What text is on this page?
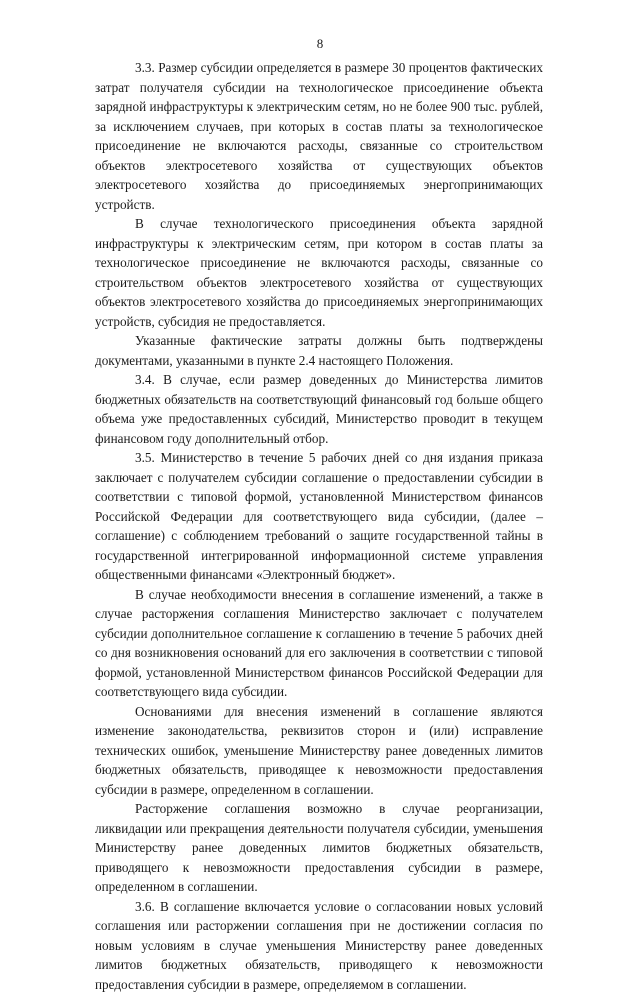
8

3.3. Размер субсидии определяется в размере 30 процентов фактических затрат получателя субсидии на технологическое присоединение объекта зарядной инфраструктуры к электрическим сетям, но не более 900 тыс. рублей, за исключением случаев, при которых в состав платы за технологическое присоединение не включаются расходы, связанные со строительством объектов электросетевого хозяйства от существующих объектов электросетевого хозяйства до присоединяемых энергопринимающих устройств.

В случае технологического присоединения объекта зарядной инфраструктуры к электрическим сетям, при котором в состав платы за технологическое присоединение не включаются расходы, связанные со строительством объектов электросетевого хозяйства от существующих объектов электросетевого хозяйства до присоединяемых энергопринимающих устройств, субсидия не предоставляется.

Указанные фактические затраты должны быть подтверждены документами, указанными в пункте 2.4 настоящего Положения.

3.4. В случае, если размер доведенных до Министерства лимитов бюджетных обязательств на соответствующий финансовый год больше общего объема уже предоставленных субсидий, Министерство проводит в текущем финансовом году дополнительный отбор.

3.5. Министерство в течение 5 рабочих дней со дня издания приказа заключает с получателем субсидии соглашение о предоставлении субсидии в соответствии с типовой формой, установленной Министерством финансов Российской Федерации для соответствующего вида субсидии, (далее – соглашение) с соблюдением требований о защите государственной тайны в государственной интегрированной информационной системе управления общественными финансами «Электронный бюджет».

В случае необходимости внесения в соглашение изменений, а также в случае расторжения соглашения Министерство заключает с получателем субсидии дополнительное соглашение к соглашению в течение 5 рабочих дней со дня возникновения оснований для его заключения в соответствии с типовой формой, установленной Министерством финансов Российской Федерации для соответствующего вида субсидии.

Основаниями для внесения изменений в соглашение являются изменение законодательства, реквизитов сторон и (или) исправление технических ошибок, уменьшение Министерству ранее доведенных лимитов бюджетных обязательств, приводящее к невозможности предоставления субсидии в размере, определенном в соглашении.

Расторжение соглашения возможно в случае реорганизации, ликвидации или прекращения деятельности получателя субсидии, уменьшения Министерству ранее доведенных лимитов бюджетных обязательств, приводящего к невозможности предоставления субсидии в размере, определенном в соглашении.

3.6. В соглашение включается условие о согласовании новых условий соглашения или расторжении соглашения при не достижении согласия по новым условиям в случае уменьшения Министерству ранее доведенных лимитов бюджетных обязательств, приводящего к невозможности предоставления субсидии в размере, определяемом в соглашении.
